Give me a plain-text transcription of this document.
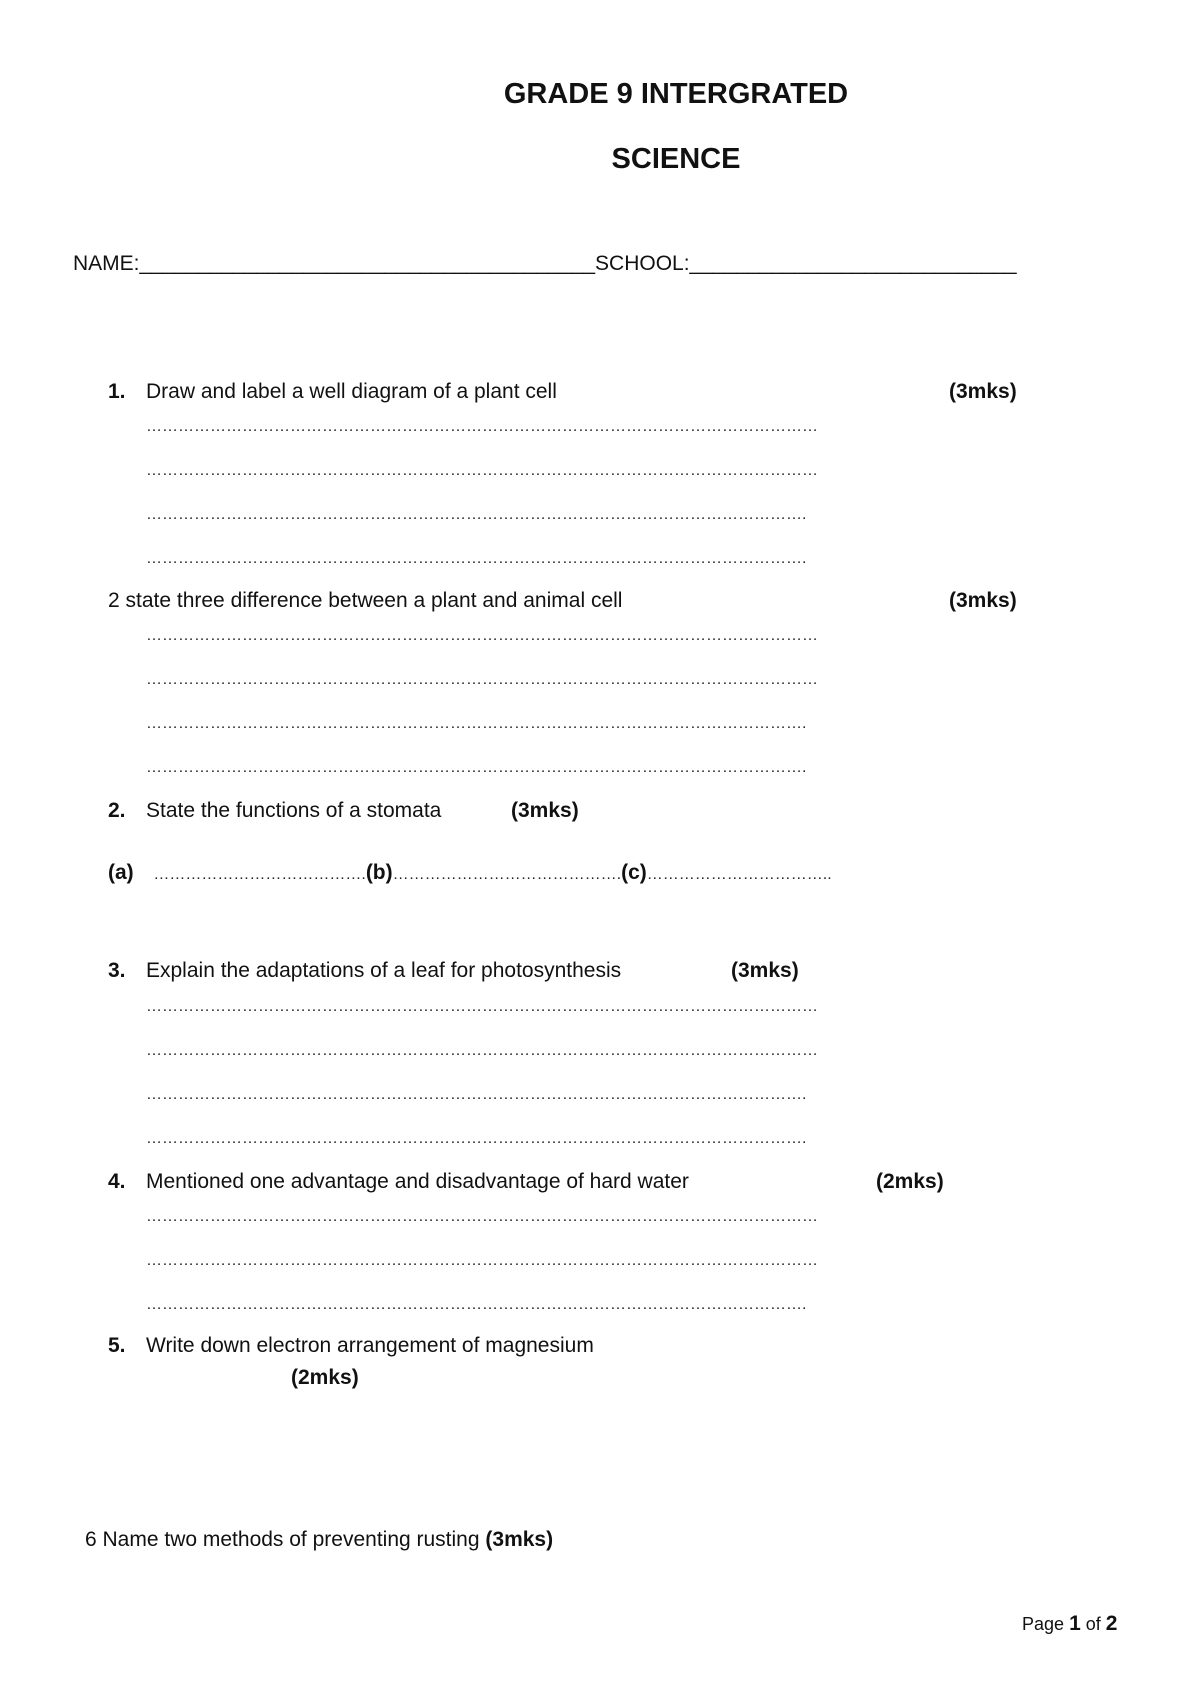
GRADE 9 INTERGRATED
SCIENCE
NAME:_______________________________________SCHOOL:____________________________
1. Draw and label a well diagram of a plant cell	(3mks)
………………………………………………………………………………………………………………
………………………………………………………………………………………………………………
…………………………………………………………………………………………………………….
…………………………………………………………………………………………………………….
2 state three difference between a plant and animal cell	(3mks)
………………………………………………………………………………………………………………
………………………………………………………………………………………………………………
…………………………………………………………………………………………………………….
…………………………………………………………………………………………………………….
2. State the functions of a stomata	(3mks)
(a) ………………………………….(b)…………………………………….(c)……………………………..
3. Explain the adaptations of a leaf for photosynthesis	(3mks)
………………………………………………………………………………………………………………
………………………………………………………………………………………………………………
…………………………………………………………………………………………………………….
…………………………………………………………………………………………………………….
4. Mentioned one advantage and disadvantage of hard water	(2mks)
………………………………………………………………………………………………………………
………………………………………………………………………………………………………………
…………………………………………………………………………………………………………….
5. Write down electron arrangement of magnesium
(2mks)
6 Name two methods of preventing rusting (3mks)
Page 1 of 2
